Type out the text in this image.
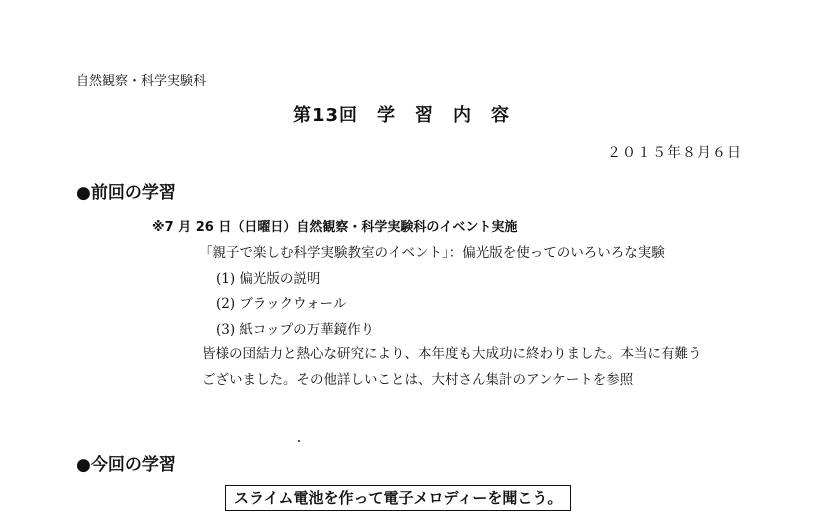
自然観察・科学実験科
第13回　学　習　内　容
２０１５年８月６日
●前回の学習
※7 月 26 日（日曜日）自然観察・科学実験科のイベント実施
「親子で楽しむ科学実験教室のイベント」：偏光版を使ってのいろいろな実験
(1) 偏光版の説明
(2) ブラックウォール
(3) 紙コップの万華鏡作り
皆様の団結力と熱心な研究により、本年度も大成功に終わりました。本当に有難う
ございました。その他詳しいことは、大村さん集計のアンケートを参照
●今回の学習
スライム電池を作って電子メロディーを聞こう。
